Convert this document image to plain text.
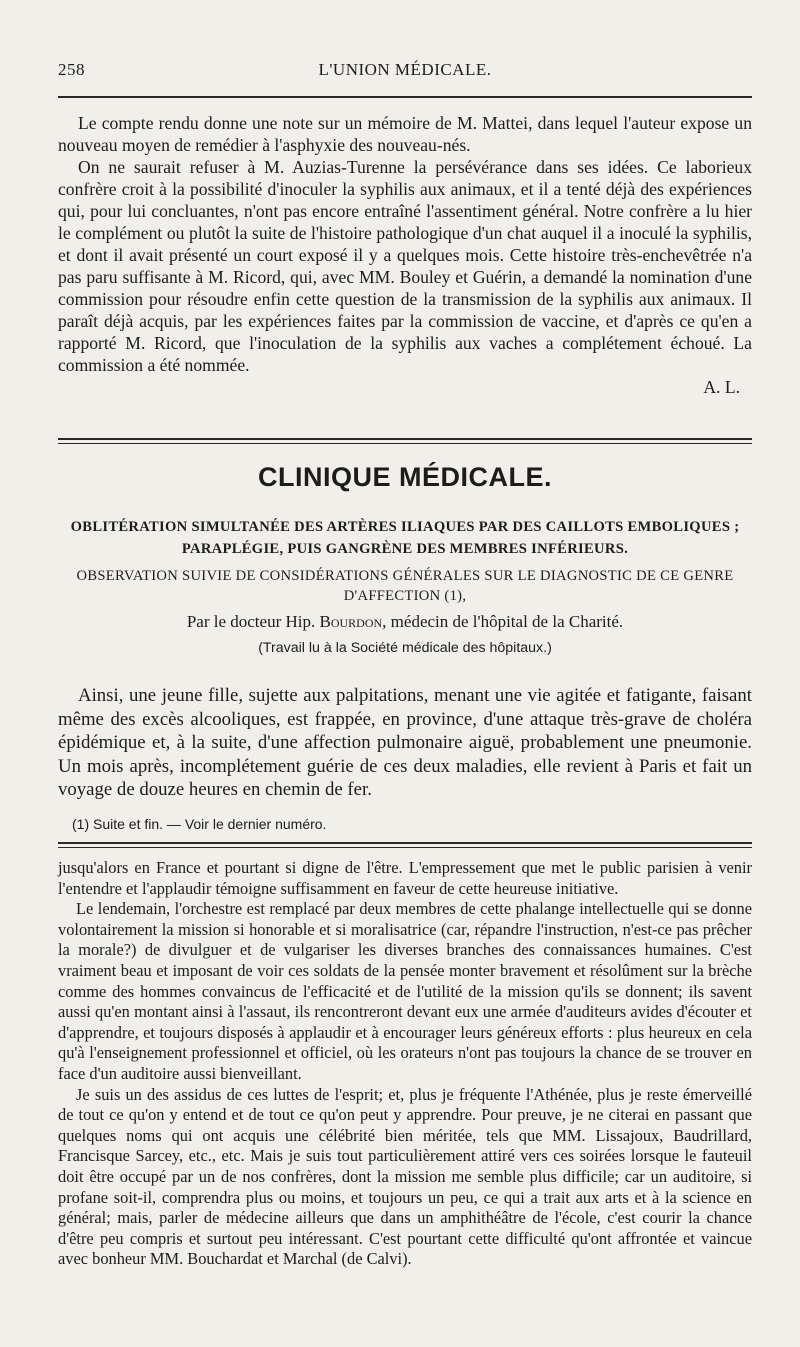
258	L'UNION MÉDICALE.

Le compte rendu donne une note sur un mémoire de M. Mattei, dans lequel l'auteur expose un nouveau moyen de remédier à l'asphyxie des nouveau-nés.

On ne saurait refuser à M. Auzias-Turenne la persévérance dans ses idées. Ce laborieux confrère croit à la possibilité d'inoculer la syphilis aux animaux, et il a tenté déjà des expériences qui, pour lui concluantes, n'ont pas encore entraîné l'assentiment général. Notre confrère a lu hier le complément ou plutôt la suite de l'histoire pathologique d'un chat auquel il a inoculé la syphilis, et dont il avait présenté un court exposé il y a quelques mois. Cette histoire très-enchevêtrée n'a pas paru suffisante à M. Ricord, qui, avec MM. Bouley et Guérin, a demandé la nomination d'une commission pour résoudre enfin cette question de la transmission de la syphilis aux animaux. Il paraît déjà acquis, par les expériences faites par la commission de vaccine, et d'après ce qu'en a rapporté M. Ricord, que l'inoculation de la syphilis aux vaches a complétement échoué. La commission a été nommée.

A. L.
CLINIQUE MÉDICALE.
OBLITÉRATION SIMULTANÉE DES ARTÈRES ILIAQUES PAR DES CAILLOTS EMBOLIQUES ;
PARAPLÉGIE, PUIS GANGRÈNE DES MEMBRES INFÉRIEURS.
OBSERVATION SUIVIE DE CONSIDÉRATIONS GÉNÉRALES SUR LE DIAGNOSTIC DE CE GENRE
D'AFFECTION (1),
Par le docteur Hip. Bourdon, médecin de l'hôpital de la Charité.
(Travail lu à la Société médicale des hôpitaux.)

Ainsi, une jeune fille, sujette aux palpitations, menant une vie agitée et fatigante, faisant même des excès alcooliques, est frappée, en province, d'une attaque très-grave de choléra épidémique et, à la suite, d'une affection pulmonaire aiguë, probablement une pneumonie. Un mois après, incomplétement guérie de ces deux maladies, elle revient à Paris et fait un voyage de douze heures en chemin de fer.

(1) Suite et fin. — Voir le dernier numéro.

jusqu'alors en France et pourtant si digne de l'être. L'empressement que met le public parisien à venir l'entendre et l'applaudir témoigne suffisamment en faveur de cette heureuse initiative.

Le lendemain, l'orchestre est remplacé par deux membres de cette phalange intellectuelle qui se donne volontairement la mission si honorable et si moralisatrice (car, répandre l'instruction, n'est-ce pas prêcher la morale?) de divulguer et de vulgariser les diverses branches des connaissances humaines. C'est vraiment beau et imposant de voir ces soldats de la pensée monter bravement et résolûment sur la brèche comme des hommes convaincus de l'efficacité et de l'utilité de la mission qu'ils se donnent; ils savent aussi qu'en montant ainsi à l'assaut, ils rencontreront devant eux une armée d'auditeurs avides d'écouter et d'apprendre, et toujours disposés à applaudir et à encourager leurs généreux efforts : plus heureux en cela qu'à l'enseignement professionnel et officiel, où les orateurs n'ont pas toujours la chance de se trouver en face d'un auditoire aussi bienveillant.

Je suis un des assidus de ces luttes de l'esprit; et, plus je fréquente l'Athénée, plus je reste émerveillé de tout ce qu'on y entend et de tout ce qu'on peut y apprendre. Pour preuve, je ne citerai en passant que quelques noms qui ont acquis une célébrité bien méritée, tels que MM. Lissajoux, Baudrillard, Francisque Sarcey, etc., etc. Mais je suis tout particulièrement attiré vers ces soirées lorsque le fauteuil doit être occupé par un de nos confrères, dont la mission me semble plus difficile; car un auditoire, si profane soit-il, comprendra plus ou moins, et toujours un peu, ce qui a trait aux arts et à la science en général; mais, parler de médecine ailleurs que dans un amphithéâtre de l'école, c'est courir la chance d'être peu compris et surtout peu intéressant. C'est pourtant cette difficulté qu'ont affrontée et vaincue avec bonheur MM. Bouchardat et Marchal (de Calvi).
